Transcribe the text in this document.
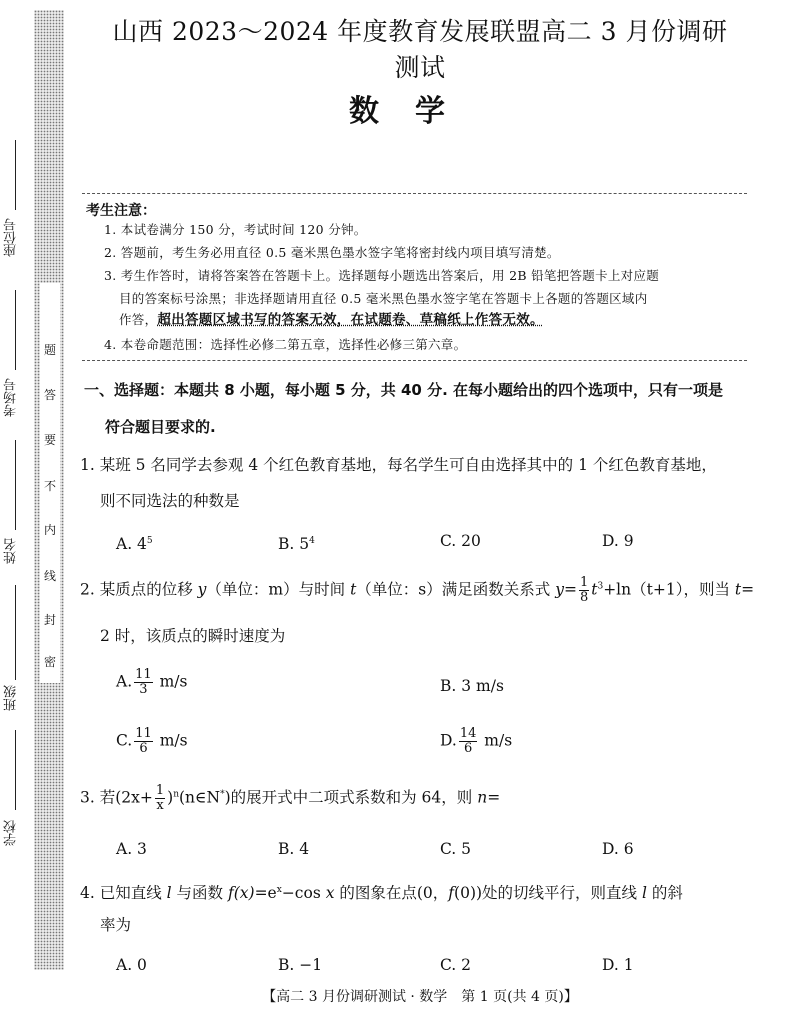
题
答
要
不
内
线
封
密
座位号
考场号
姓名
班级
学校
山西 2023～2024 年度教育发展联盟高二 3 月份调研测试
数学
考生注意：
1. 本试卷满分 150 分，考试时间 120 分钟。
2. 答题前，考生务必用直径 0.5 毫米黑色墨水签字笔将密封线内项目填写清楚。
3. 考生作答时，请将答案答在答题卡上。选择题每小题选出答案后，用 2B 铅笔把答题卡上对应题
目的答案标号涂黑；非选择题请用直径 0.5 毫米黑色墨水签字笔在答题卡上各题的答题区域内
作答，超出答题区域书写的答案无效，在试题卷、草稿纸上作答无效。
4. 本卷命题范围：选择性必修二第五章，选择性必修三第六章。
一、选择题：本题共 8 小题，每小题 5 分，共 40 分. 在每小题给出的四个选项中，只有一项是
符合题目要求的.
1. 某班 5 名同学去参观 4 个红色教育基地，每名学生可自由选择其中的 1 个红色教育基地，
则不同选法的种数是
A. $4^5$	B. $5^4$	C. 20	D. 9
2. 某质点的位移 y（单位：m）与时间 t（单位：s）满足函数关系式 $y= \frac{1}{8} t^3+\ln(t+1)$，则当 t=
2 时，该质点的瞬时速度为
A. $\frac{11}{3} m/s$	B. 3 m/s
C. $\frac{11}{6} m/s$	D. $\frac{14}{6} m/s$
3. 若($2x+ \frac{1}{x}$ )$^n(n\in N^*)$的展开式中二项式系数和为 64，则 n=
A. 3	B. 4	C. 5	D. 6
4. 已知直线 l 与函数 $f(x)=e^x-\cos$ x 的图象在点(0，f(0))处的切线平行，则直线 l 的斜
率为
A. 0	B. −1	C. 2	D. 1
【高二 3 月份调研测试 · 数学　第 1 页(共 4 页)】
